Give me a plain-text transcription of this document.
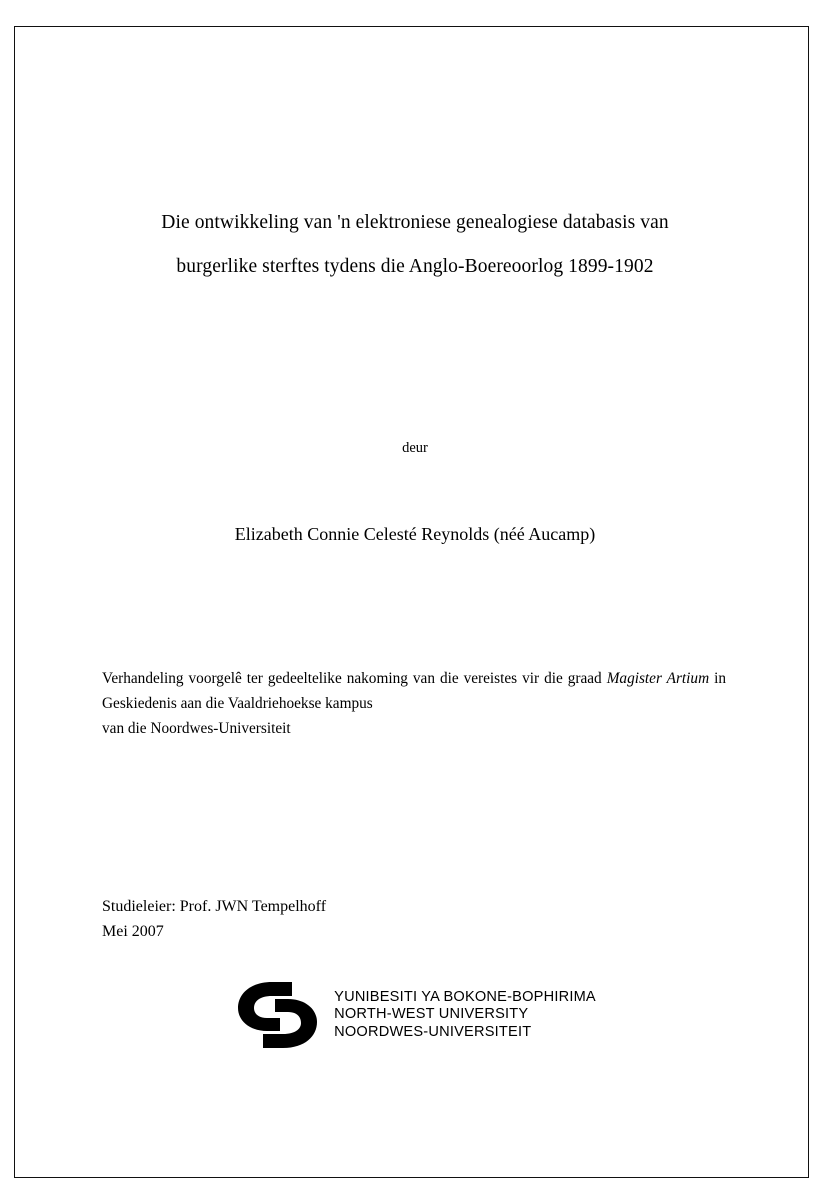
Die ontwikkeling van 'n elektroniese genealogiese databasis van
burgerlike sterftes tydens die Anglo-Boereoorlog 1899-1902
deur
Elizabeth Connie Celesté Reynolds (néé Aucamp)
Verhandeling voorgelê ter gedeeltelike nakoming van die vereistes vir die graad Magister Artium in Geskiedenis aan die Vaaldriehoekse kampus
van die Noordwes-Universiteit
Studieleier: Prof. JWN Tempelhoff
Mei 2007
YUNIBESITI YA BOKONE-BOPHIRIMA
NORTH-WEST UNIVERSITY
NOORDWES-UNIVERSITEIT
